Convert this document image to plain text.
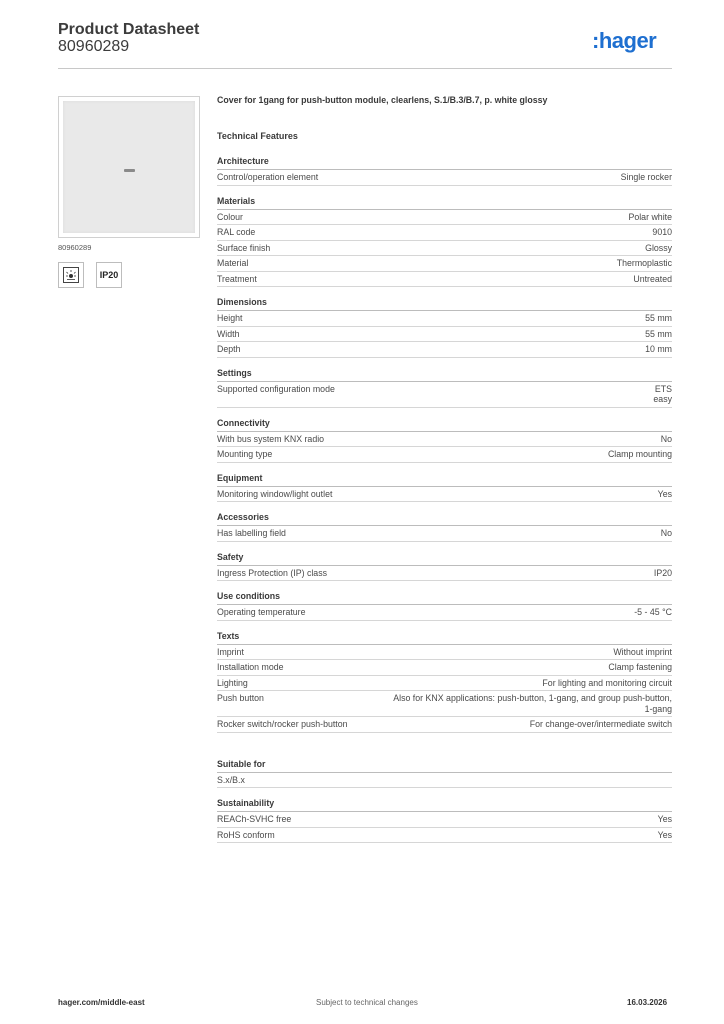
Product Datasheet
80960289	:hager
80960289
IP20
Cover for 1gang for push-button module, clearlens, S.1/B.3/B.7, p. white glossy
Technical Features
Architecture
Control/operation element	Single rocker
Materials
Colour	Polar white
RAL code	9010
Surface finish	Glossy
Material	Thermoplastic
Treatment	Untreated
Dimensions
Height	55 mm
Width	55 mm
Depth	10 mm
Settings
Supported configuration mode	ETS
easy
Connectivity
With bus system KNX radio	No
Mounting type	Clamp mounting
Equipment
Monitoring window/light outlet	Yes
Accessories
Has labelling field	No
Safety
Ingress Protection (IP) class	IP20
Use conditions
Operating temperature	-5 - 45 °C
Texts
Imprint	Without imprint
Installation mode	Clamp fastening
Lighting	For lighting and monitoring circuit
Push button	Also for KNX applications: push-button, 1-gang, and group push-button,
1-gang
Rocker switch/rocker push-button	For change-over/intermediate switch
Suitable for
S.x/B.x
Sustainability
REACh-SVHC free	Yes
RoHS conform	Yes
hager.com/middle-east	Subject to technical changes	16.03.2026
